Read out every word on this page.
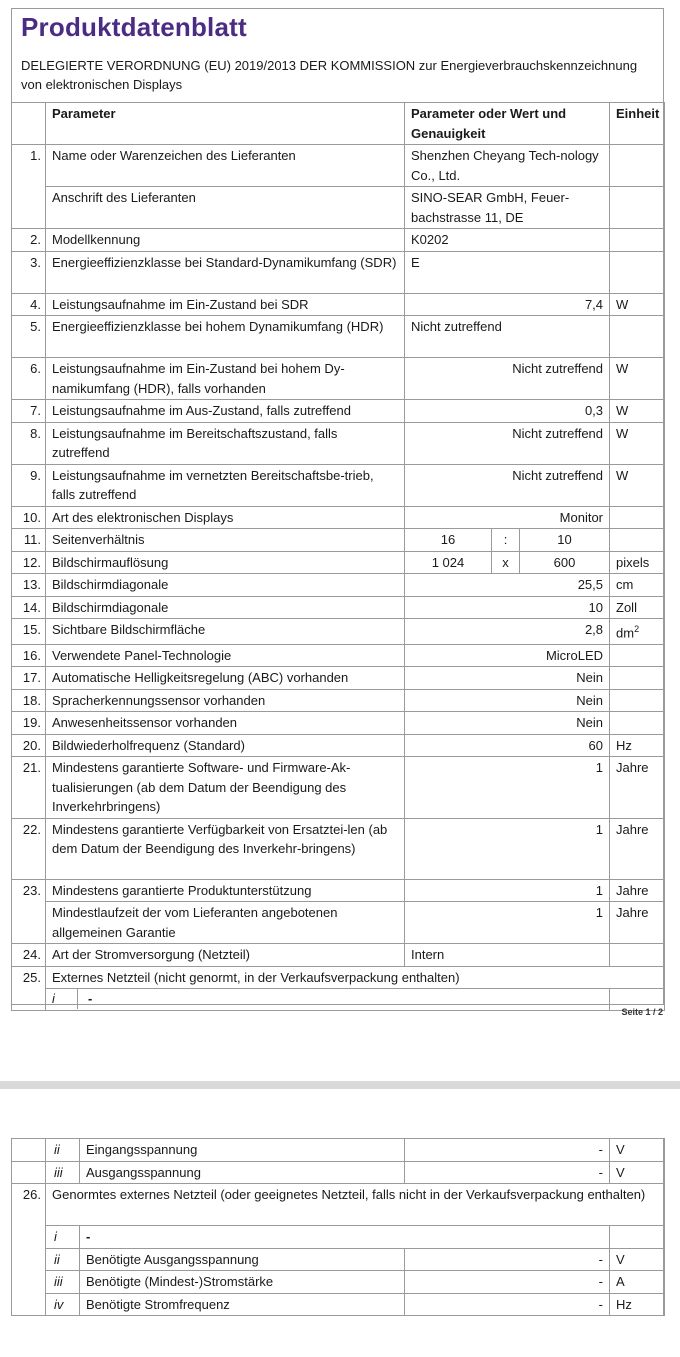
Produktdatenblatt
DELEGIERTE VERORDNUNG (EU) 2019/2013 DER KOMMISSION zur Energieverbrauchskennzeichnung von elektronischen Displays
	Parameter	Parameter oder Wert und Genauigkeit			Einheit
1.	Name oder Warenzeichen des Lieferanten	Shenzhen Cheyang Tech-nology Co., Ltd.			
	Anschrift des Lieferanten	SINO-SEAR GmbH, Feuer-bachstrasse 11, DE			
2.	Modellkennung	K0202			
3.	Energieeffizienzklasse bei Standard-Dynamikumfang (SDR)	E			
4.	Leistungsaufnahme im Ein-Zustand bei SDR	7,4			W
5.	Energieeffizienzklasse bei hohem Dynamikumfang (HDR)	Nicht zutreffend			
6.	Leistungsaufnahme im Ein-Zustand bei hohem Dy-namikumfang (HDR), falls vorhanden	Nicht zutreffend			W
7.	Leistungsaufnahme im Aus-Zustand, falls zutreffend	0,3			W
8.	Leistungsaufnahme im Bereitschaftszustand, falls zutreffend	Nicht zutreffend			W
9.	Leistungsaufnahme im vernetzten Bereitschaftsbe-trieb, falls zutreffend	Nicht zutreffend			W
10.	Art des elektronischen Displays	Monitor			
11.	Seitenverhältnis	16	:	10	
12.	Bildschirmauflösung	1 024	x	600	pixels
13.	Bildschirmdiagonale	25,5			cm
14.	Bildschirmdiagonale	10			Zoll
15.	Sichtbare Bildschirmfläche	2,8			$dm^2$
16.	Verwendete Panel-Technologie	MicroLED			
17.	Automatische Helligkeitsregelung (ABC) vorhanden	Nein			
18.	Spracherkennungssensor vorhanden	Nein			
19.	Anwesenheitssensor vorhanden	Nein			
20.	Bildwiederholfrequenz (Standard)	60			Hz
21.	Mindestens garantierte Software- und Firmware-Ak-tualisierungen (ab dem Datum der Beendigung des Inverkehrbringens)	1			Jahre
22.	Mindestens garantierte Verfügbarkeit von Ersatztei-len (ab dem Datum der Beendigung des Inverkehr-bringens)	1			Jahre
23.	Mindestens garantierte Produktunterstützung	1			Jahre
	Mindestlaufzeit der vom Lieferanten angebotenen allgemeinen Garantie	1			Jahre
24.	Art der Stromversorgung (Netzteil)	Intern			
25.	Externes Netzteil (nicht genormt, in der Verkaufsverpackung enthalten)				
	i -				
Seite 1 / 2
	ii	Eingangsspannung	-	V
	iii	Ausgangsspannung	-	V
26.	Genormtes externes Netzteil (oder geeignetes Netzteil, falls nicht in der Verkaufsverpackung enthalten)			
	i	-		
	ii	Benötigte Ausgangsspannung	-	V
	iii	Benötigte (Mindest-)Stromstärke	-	A
	iv	Benötigte Stromfrequenz	-	Hz
